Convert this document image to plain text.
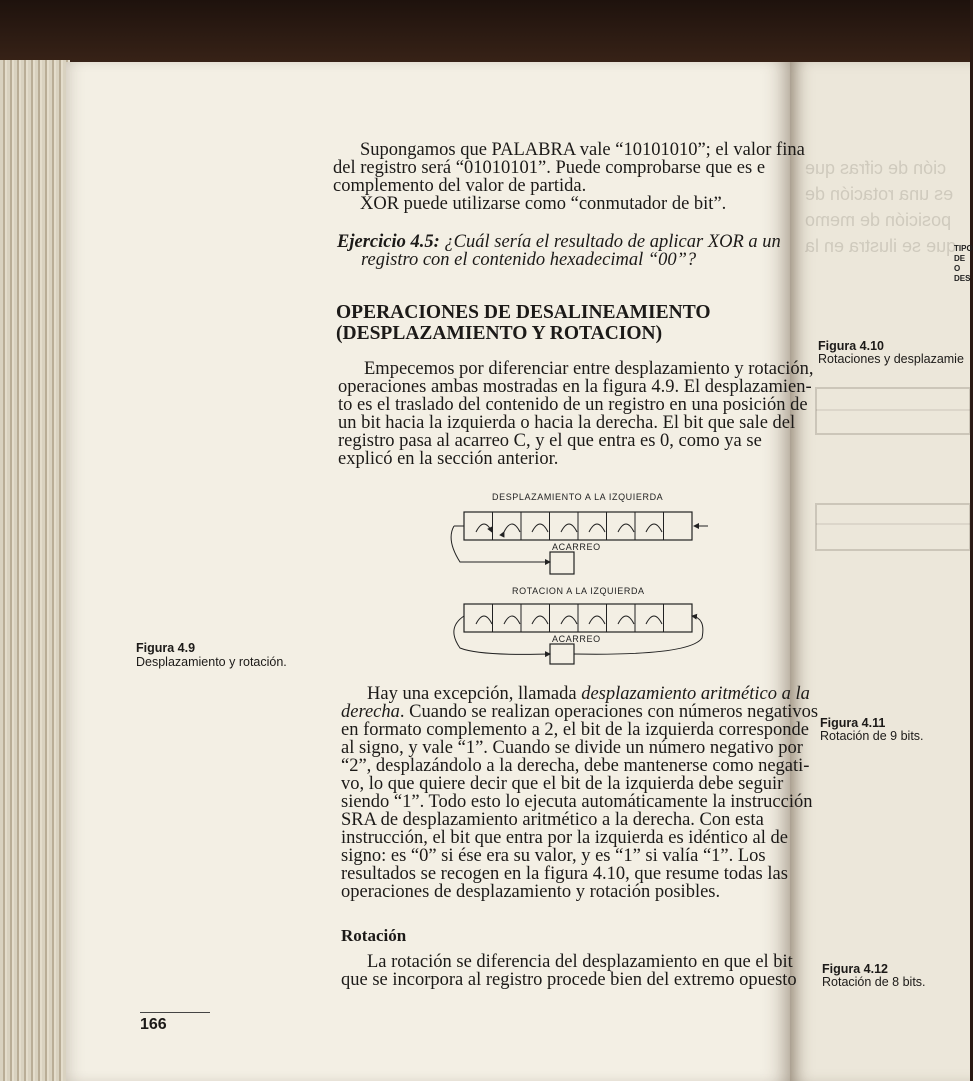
ción de cifras que
es una rotación de
posición de memo
que se ilustra en la
Supongamos que PALABRA vale “10101010”; el valor fina
del registro será “01010101”. Puede comprobarse que es e
complemento del valor de partida.
XOR puede utilizarse como “conmutador de bit”.
Ejercicio 4.5: ¿Cuál sería el resultado de aplicar XOR a un
registro con el contenido hexadecimal “00”?
OPERACIONES DE DESALINEAMIENTO
(DESPLAZAMIENTO Y ROTACION)
Empecemos por diferenciar entre desplazamiento y rotación,
operaciones ambas mostradas en la figura 4.9. El desplazamien-
to es el traslado del contenido de un registro en una posición de
un bit hacia la izquierda o hacia la derecha. El bit que sale del
registro pasa al acarreo C, y el que entra es 0, como ya se
explicó en la sección anterior.
DESPLAZAMIENTO A LA IZQUIERDA
ACARREO
ROTACION A LA IZQUIERDA
ACARREO
Figura 4.9
Desplazamiento y rotación.
Hay una excepción, llamada desplazamiento aritmético a la
derecha. Cuando se realizan operaciones con números negativos
en formato complemento a 2, el bit de la izquierda corresponde
al signo, y vale “1”. Cuando se divide un número negativo por
“2”, desplazándolo a la derecha, debe mantenerse como negati-
vo, lo que quiere decir que el bit de la izquierda debe seguir
siendo “1”. Todo esto lo ejecuta automáticamente la instrucción
SRA de desplazamiento aritmético a la derecha. Con esta
instrucción, el bit que entra por la izquierda es idéntico al de
signo: es “0” si ése era su valor, y es “1” si valía “1”. Los
resultados se recogen en la figura 4.10, que resume todas las
operaciones de desplazamiento y rotación posibles.
Rotación
La rotación se diferencia del desplazamiento en que el bit
que se incorpora al registro procede bien del extremo opuesto
166
TIPO
DE
O
DES
Figura 4.10
Rotaciones y desplazamie
Figura 4.11
Rotación de 9 bits.
Figura 4.12
Rotación de 8 bits.
